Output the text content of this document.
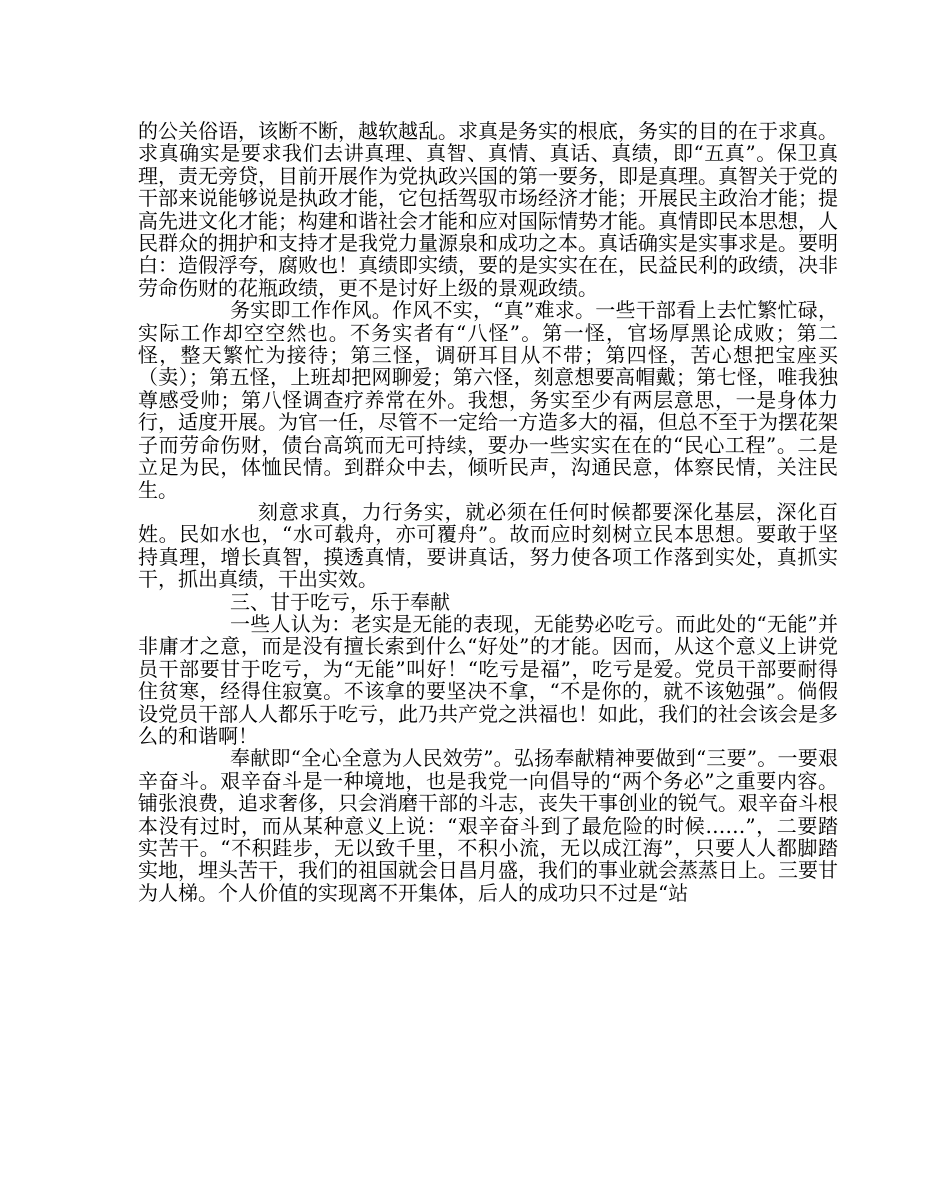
的公关俗语，该断不断，越软越乱。求真是务实的根底，务实的目的在于求真。求真确实是要求我们去讲真理、真智、真情、真话、真绩，即“五真”。保卫真理，责无旁贷，目前开展作为党执政兴国的第一要务，即是真理。真智关于党的干部来说能够说是执政才能，它包括驾驭市场经济才能；开展民主政治才能；提高先进文化才能；构建和谐社会才能和应对国际情势才能。真情即民本思想，人民群众的拥护和支持才是我党力量源泉和成功之本。真话确实是实事求是。要明白：造假浮夸，腐败也！真绩即实绩，要的是实实在在，民益民利的政绩，决非劳命伤财的花瓶政绩，更不是讨好上级的景观政绩。

务实即工作作风。作风不实，“真”难求。一些干部看上去忙繁忙碌，实际工作却空空然也。不务实者有“八怪”。第一怪，官场厚黑论成败；第二怪，整天繁忙为接待；第三怪，调研耳目从不带；第四怪，苦心想把宝座买（卖）；第五怪，上班却把网聊爱；第六怪，刻意想要高帽戴；第七怪，唯我独尊感受帅；第八怪调查疗养常在外。我想，务实至少有两层意思，一是身体力行，适度开展。为官一任，尽管不一定给一方造多大的福，但总不至于为摆花架子而劳命伤财，债台高筑而无可持续，要办一些实实在在的“民心工程”。二是立足为民，体恤民情。到群众中去，倾听民声，沟通民意，体察民情，关注民生。

刻意求真，力行务实，就必须在任何时候都要深化基层，深化百姓。民如水也，“水可载舟，亦可覆舟”。故而应时刻树立民本思想。要敢于坚持真理，增长真智，摸透真情，要讲真话，努力使各项工作落到实处，真抓实干，抓出真绩，干出实效。

三、甘于吃亏，乐于奉献

一些人认为：老实是无能的表现，无能势必吃亏。而此处的“无能”并非庸才之意，而是没有擅长索到什么“好处”的才能。因而，从这个意义上讲党员干部要甘于吃亏，为“无能”叫好！“吃亏是福”，吃亏是爱。党员干部要耐得住贫寒，经得住寂寞。不该拿的要坚决不拿，“不是你的，就不该勉强”。倘假设党员干部人人都乐于吃亏，此乃共产党之洪福也！如此，我们的社会该会是多么的和谐啊！

奉献即“全心全意为人民效劳”。弘扬奉献精神要做到“三要”。一要艰辛奋斗。艰辛奋斗是一种境地，也是我党一向倡导的“两个务必”之重要内容。铺张浪费，追求奢侈，只会消磨干部的斗志，丧失干事创业的锐气。艰辛奋斗根本没有过时，而从某种意义上说：“艰辛奋斗到了最危险的时候……”，二要踏实苦干。“不积跬步，无以致千里，不积小流，无以成江海”，只要人人都脚踏实地，埋头苦干，我们的祖国就会日昌月盛，我们的事业就会蒸蒸日上。三要甘为人梯。个人价值的实现离不开集体，后人的成功只不过是“站
